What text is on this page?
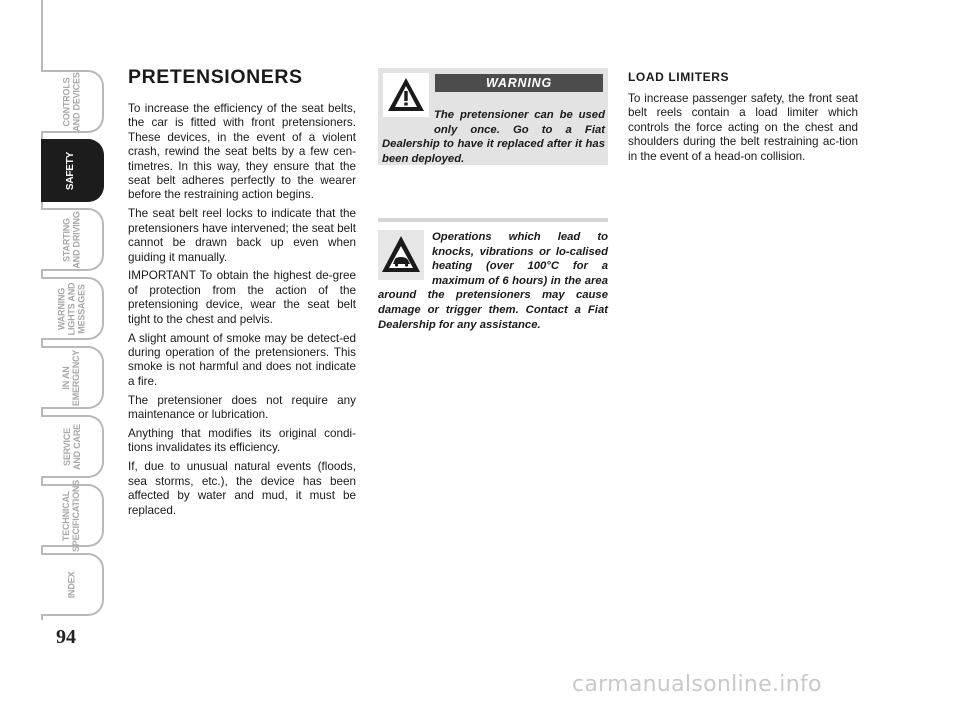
CONTROLS
AND DEVICES
SAFETY
STARTING
AND DRIVING
WARNING
LIGHTS AND
MESSAGES
IN AN
EMERGENCY
SERVICE
AND CARE
TECHNICAL
SPECIFICATIONS
INDEX
94
PRETENSIONERS

To increase the efficiency of the seat belts, the car is fitted with front pretensioners. These devices, in the event of a violent crash, rewind the seat belts by a few cen-timetres. In this way, they ensure that the seat belt adheres perfectly to the wearer before the restraining action begins.

The seat belt reel locks to indicate that the pretensioners have intervened; the seat belt cannot be drawn back up even when guiding it manually.

IMPORTANT To obtain the highest de-gree of protection from the action of the pretensioning device, wear the seat belt tight to the chest and pelvis.

A slight amount of smoke may be detect-ed during operation of the pretensioners. This smoke is not harmful and does not indicate a fire.

The pretensioner does not require any maintenance or lubrication.

Anything that modifies its original condi-tions invalidates its efficiency.

If, due to unusual natural events (floods, sea storms, etc.), the device has been affected by water and mud, it must be replaced.

WARNING

The pretensioner can be used only once. Go to a Fiat Dealership to have it replaced after it has been deployed.

Operations which lead to knocks, vibrations or lo-calised heating (over 100°C for a maximum of 6 hours) in the area around the pretensioners may cause damage or trigger them. Contact a Fiat Dealership for any assistance.

LOAD LIMITERS

To increase passenger safety, the front seat belt reels contain a load limiter which controls the force acting on the chest and shoulders during the belt restraining ac-tion in the event of a head-on collision.

carmanualsonline.info
